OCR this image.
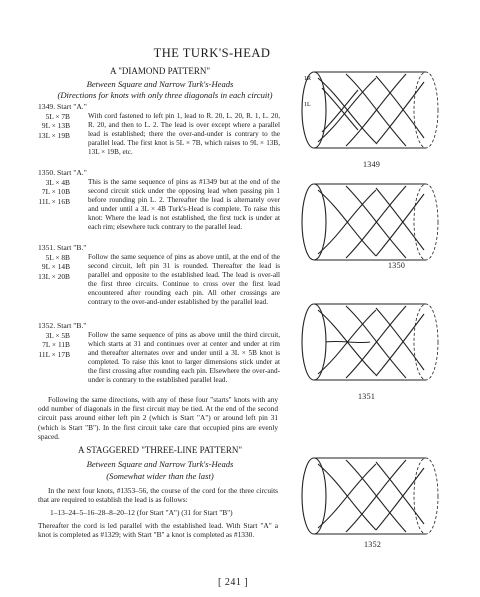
THE TURK'S-HEAD
A "DIAMOND PATTERN"
Between Square and Narrow Turk's-Heads
(Directions for knots with only three diagonals in each circuit)
1349. Start "A."
5L × 7B
9L × 13B
13L × 19B
With cord fastened to left pin 1, lead to R. 20, L. 20, R. 1, L. 20, R. 20, and then to L. 2. The lead is over except where a parallel lead is established; there the over-and-under is contrary to the parallel lead. The first knot is 5L × 7B, which raises to 9L × 13B, 13L × 19B, etc.
1350. Start "A."
3L × 4B
7L × 10B
11L × 16B
This is the same sequence of pins as #1349 but at the end of the second circuit stick under the opposing lead when passing pin 1 before rounding pin L. 2. Thereafter the lead is alternately over and under until a 3L × 4B Turk's-Head is complete. To raise this knot: Where the lead is not established, the first tuck is under at each rim; elsewhere tuck contrary to the parallel lead.
1351. Start "B."
5L × 8B
9L × 14B
13L × 20B
Follow the same sequence of pins as above until, at the end of the second circuit, left pin 31 is rounded. Thereafter the lead is parallel and opposite to the established lead. The lead is over-all the first three circuits. Continue to cross over the first lead encountered after rounding each pin. All other crossings are contrary to the over-and-under established by the parallel lead.
1352. Start "B."
3L × 5B
7L × 11B
11L × 17B
Follow the same sequence of pins as above until the third circuit, which starts at 31 and continues over at center and under at rim and thereafter alternates over and under until a 3L × 5B knot is completed. To raise this knot to larger dimensions stick under at the first crossing after rounding each pin. Elsewhere the over-and-under is contrary to the established parallel lead.
Following the same directions, with any of these four "starts" knots with any odd number of diagonals in the first circuit may be tied. At the end of the second circuit pass around either left pin 2 (which is Start "A") or around left pin 31 (which is Start "B"). In the first circuit take care that occupied pins are evenly spaced.
A STAGGERED "THREE-LINE PATTERN"
Between Square and Narrow Turk's-Heads
(Somewhat wider than the last)
In the next four knots, #1353–56, the course of the cord for the three circuits that are required to establish the lead is as follows:
1–13–24–5–16–28–8–20–12 (for Start "A") (31 for Start "B")
Thereafter the cord is led parallel with the established lead. With Start "A" a knot is completed as #1329; with Start "B" a knot is completed as #1330.
[ 241 ]
1R
1L
1349
1350
1351
1352
